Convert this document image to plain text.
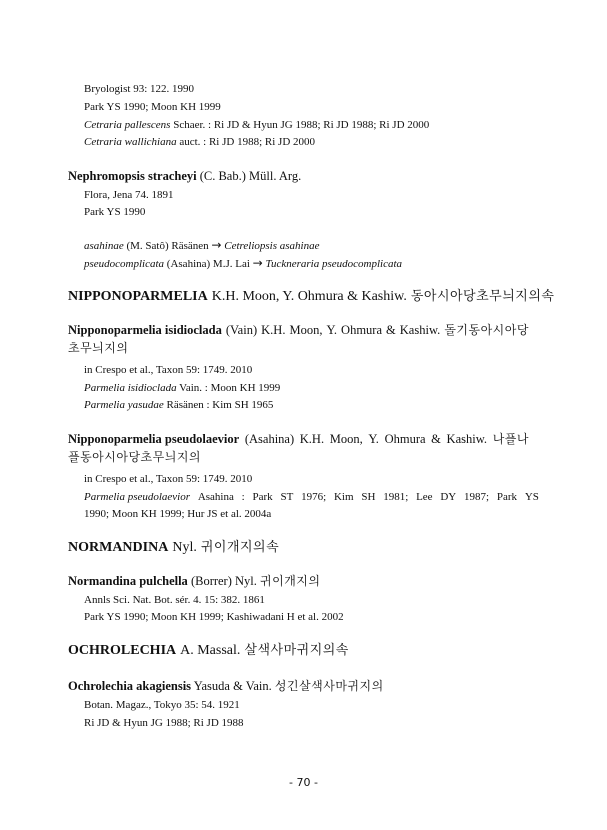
Bryologist 93: 122. 1990
Park YS 1990; Moon KH 1999
Cetraria pallescens Schaer. : Ri JD & Hyun JG 1988; Ri JD 1988; Ri JD 2000
Cetraria wallichiana auct. : Ri JD 1988; Ri JD 2000
Nephromopsis stracheyi (C. Bab.) Müll. Arg.
Flora, Jena 74. 1891
Park YS 1990
asahinae (M. Satô) Räsänen → Cetreliopsis asahinae
pseudocomplicata (Asahina) M.J. Lai → Tuckneraria pseudocomplicata
NIPPONOPARMELIA K.H. Moon, Y. Ohmura & Kashiw. 동아시아당초무늬지의속
Nipponoparmelia isidioclada (Vain) K.H. Moon, Y. Ohmura & Kashiw. 돌기동아시아당
초무늬지의
in Crespo et al., Taxon 59: 1749. 2010
Parmelia isidioclada Vain. : Moon KH 1999
Parmelia yasudae Räsänen : Kim SH 1965
Nipponoparmelia pseudolaevior (Asahina) K.H. Moon, Y. Ohmura & Kashiw. 나플나
플동아시아당초무늬지의
in Crespo et al., Taxon 59: 1749. 2010
Parmelia pseudolaevior Asahina : Park ST 1976; Kim SH 1981; Lee DY 1987; Park YS
1990; Moon KH 1999; Hur JS et al. 2004a
NORMANDINA Nyl. 귀이개지의속
Normandina pulchella (Borrer) Nyl. 귀이개지의
Annls Sci. Nat. Bot. sér. 4. 15: 382. 1861
Park YS 1990; Moon KH 1999; Kashiwadani H et al. 2002
OCHROLECHIA A. Massal. 살색사마귀지의속
Ochrolechia akagiensis Yasuda & Vain. 성긴살색사마귀지의
Botan. Magaz., Tokyo 35: 54. 1921
Ri JD & Hyun JG 1988; Ri JD 1988
- 70 -
